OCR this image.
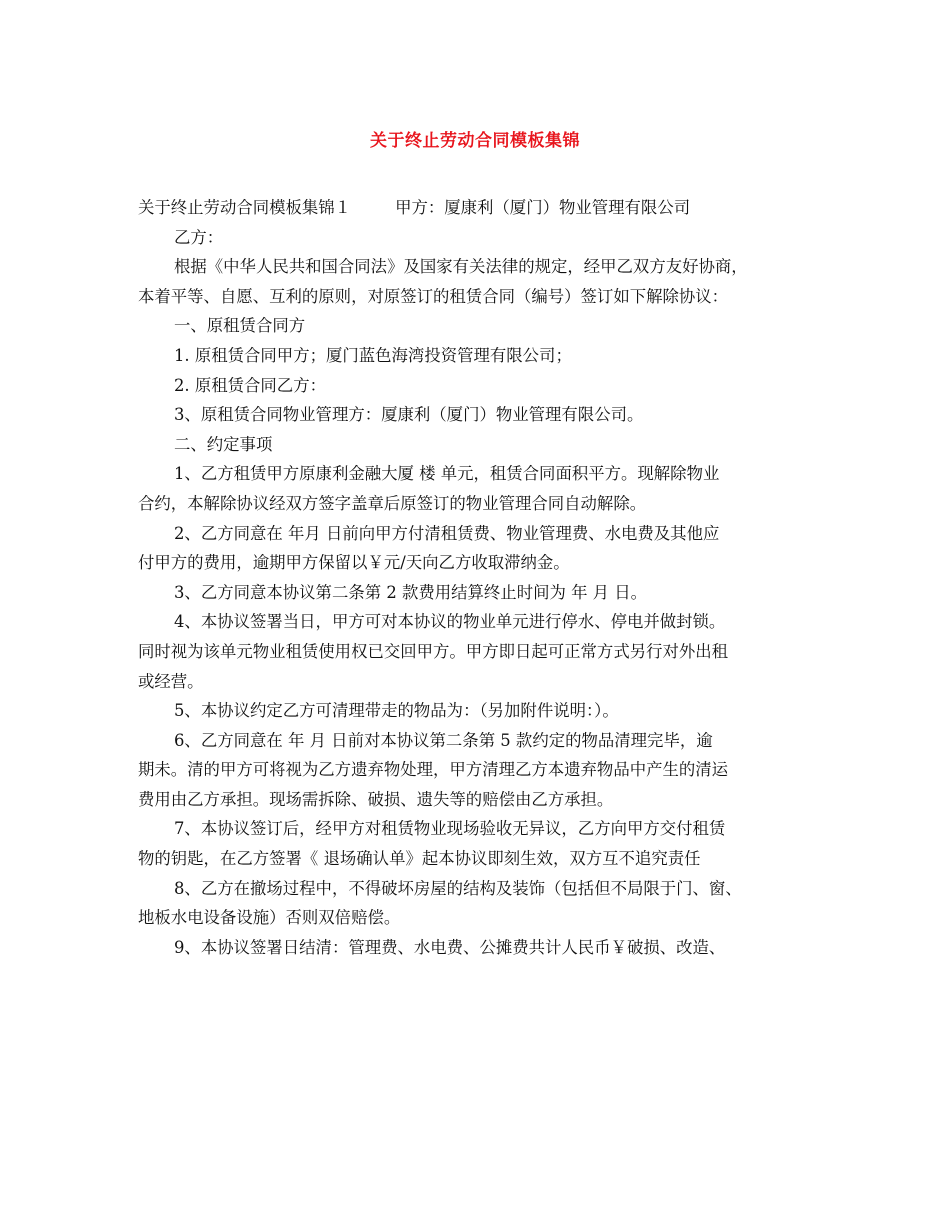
关于终止劳动合同模板集锦

关于终止劳动合同模板集锦１	甲方：厦康利（厦门）物业管理有限公司

乙方：

根据《中华人民共和国合同法》及国家有关法律的规定，经甲乙双方友好协商，

本着平等、自愿、互利的原则，对原签订的租赁合同（编号）签订如下解除协议：

一、原租赁合同方

1. 原租赁合同甲方；厦门蓝色海湾投资管理有限公司；

2. 原租赁合同乙方：

3、原租赁合同物业管理方：厦康利（厦门）物业管理有限公司。

二、约定事项

1、乙方租赁甲方原康利金融大厦 楼 单元，租赁合同面积平方。现解除物业

合约，本解除协议经双方签字盖章后原签订的物业管理合同自动解除。

2、乙方同意在 年月 日前向甲方付清租赁费、物业管理费、水电费及其他应

付甲方的费用，逾期甲方保留以￥元/天向乙方收取滞纳金。

3、乙方同意本协议第二条第 2 款费用结算终止时间为 年 月 日。

4、本协议签署当日，甲方可对本协议的物业单元进行停水、停电并做封锁。

同时视为该单元物业租赁使用权已交回甲方。甲方即日起可正常方式另行对外出租

或经营。

5、本协议约定乙方可清理带走的物品为：（另加附件说明：）。

6、乙方同意在 年 月 日前对本协议第二条第 5 款约定的物品清理完毕，逾

期未。清的甲方可将视为乙方遗弃物处理，甲方清理乙方本遗弃物品中产生的清运

费用由乙方承担。现场需拆除、破损、遗失等的赔偿由乙方承担。

7、本协议签订后，经甲方对租赁物业现场验收无异议，乙方向甲方交付租赁

物的钥匙，在乙方签署《 退场确认单》起本协议即刻生效，双方互不追究责任

8、乙方在撤场过程中，不得破坏房屋的结构及装饰（包括但不局限于门、窗、

地板水电设备设施）否则双倍赔偿。

9、本协议签署日结清：管理费、水电费、公摊费共计人民币￥破损、改造、
